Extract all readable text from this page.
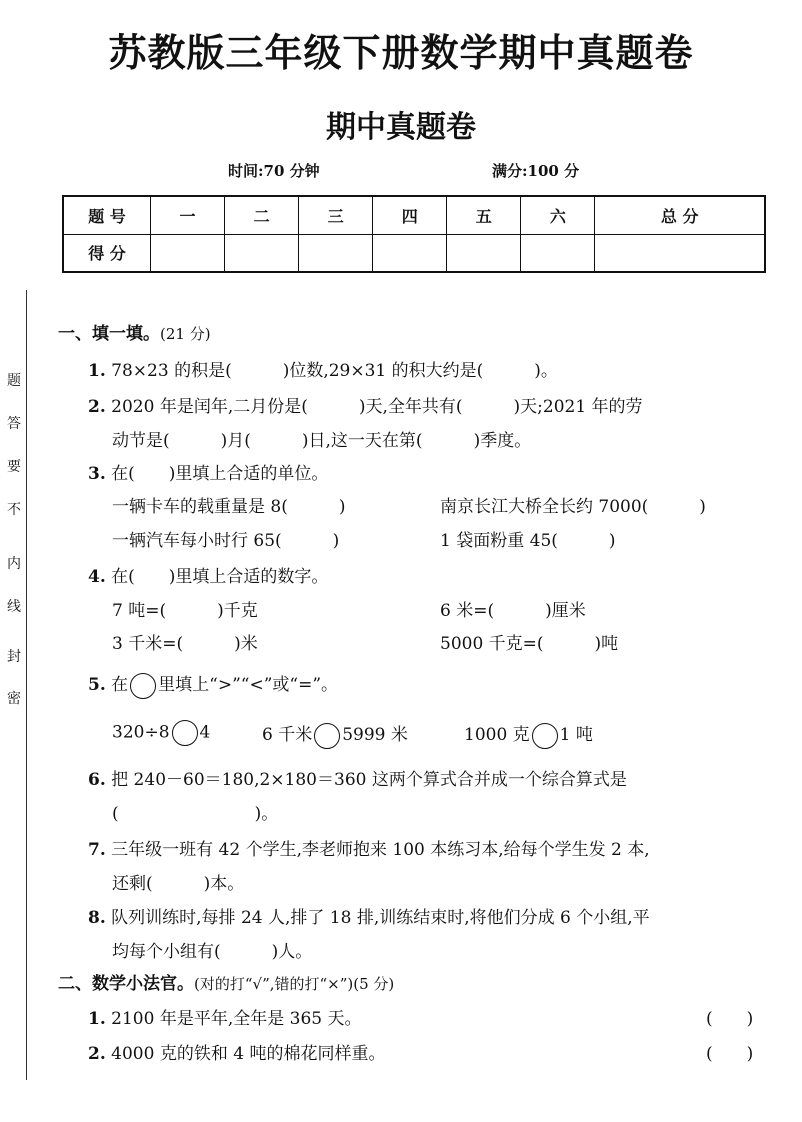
苏教版三年级下册数学期中真题卷
期中真题卷
时间:70 分钟	满分:100 分
题 号	一	二	三	四	五	六	总 分
得 分							
题
答
要
不
内
线
封
密
一、填一填。(21 分)
1. 78×23 的积是(　　　)位数,29×31 的积大约是(　　　)。
2. 2020 年是闰年,二月份是(　　　)天,全年共有(　　　)天;2021 年的劳
动节是(　　　)月(　　　)日,这一天在第(　　　)季度。
3. 在(　　)里填上合适的单位。
一辆卡车的载重量是 8(　　　)	南京长江大桥全长约 7000(　　　)
一辆汽车每小时行 65(　　　)	1 袋面粉重 45(　　　)
4. 在(　　)里填上合适的数字。
7 吨=(　　　)千克	6 米=(　　　)厘米
3 千米=(　　　)米	5000 千克=(　　　)吨
5. 在 里填上“>”“<”或“=”。
320÷8 4	6 千米 5999 米	1000 克 1 吨
6. 把 240－60＝180,2×180＝360 这两个算式合并成一个综合算式是
(　　　　　　　　)。
7. 三年级一班有 42 个学生,李老师抱来 100 本练习本,给每个学生发 2 本,
还剩(　　　)本。
8. 队列训练时,每排 24 人,排了 18 排,训练结束时,将他们分成 6 个小组,平
均每个小组有(　　　)人。
二、数学小法官。(对的打“√”,错的打“×”)(5 分)
1. 2100 年是平年,全年是 365 天。	(　　)
2. 4000 克的铁和 4 吨的棉花同样重。	(　　)
